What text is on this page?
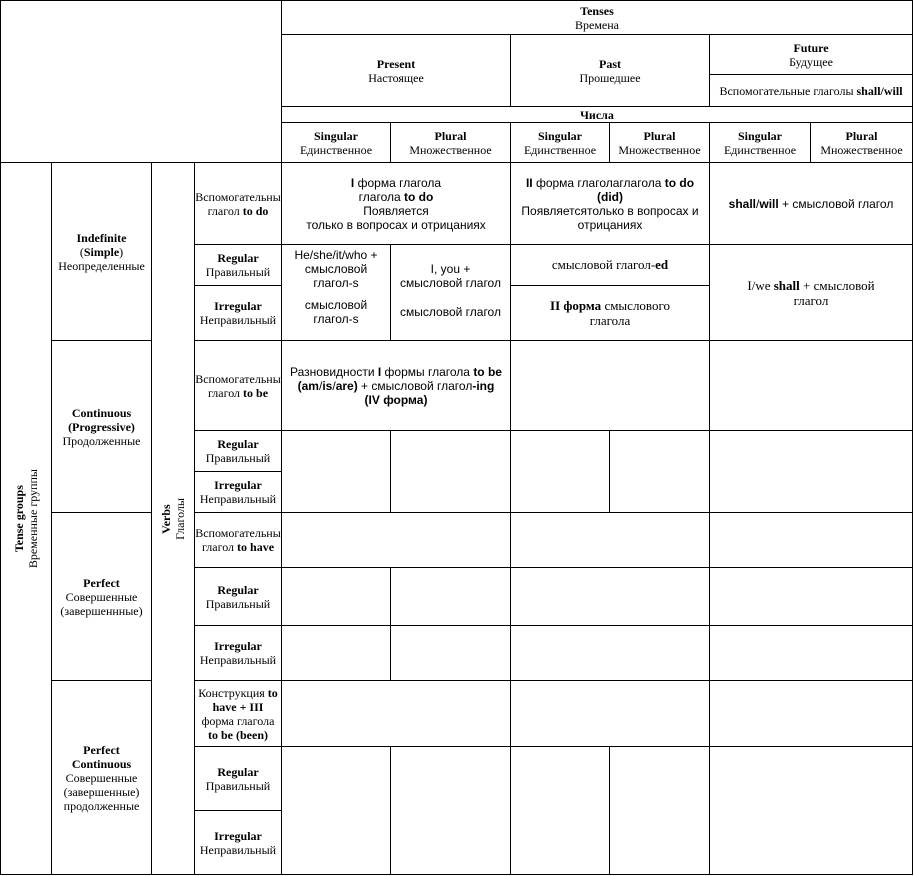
Tenses
Времена
Present
Настоящее
Past
Прошедшее
Future
Будущее
Вспомогательные глаголы shall/will
Числа
Singular
Единственное
Plural
Множественное
Singular
Единственное
Plural
Множественное
Singular
Единственное
Plural
Множественное
Tense groups Временные группы	Verbs Глаголы
Indefinite
(Simple)
Неопределенные
Continuous
(Progressive)
Продолженные
Perfect
Совершенные
(завершеннные)
Perfect Continuous
Совершенные
(завершенные)
продолженные
Вспомогательны
глагол to do
Regular
Правильный
Irregular
Неправильный
Вспомогательны
глагол to be
Regular
Правильный
Irregular
Неправильный
Вспомогательны
глагол to have
Regular
Правильный
Irregular
Неправильный
Конструкция to
have + III
форма глагола
to be (been)
Regular
Правильный
Irregular
Неправильный
I форма глагола
глагола to do
Появляется
только в вопросах и отрицаниях
II форма глаголаглагола to do
(did)
Появляетсятолько в вопросах и
отрицаниях
shall/will + смысловой глагол
He/she/it/who +
смысловой
глагол-s
смысловой
глагол-s
I, you +
смысловой глагол
смысловой глагол
смысловой глагол-ed
II форма смыслового
глагола
I/we shall + смысловой
глагол
Разновидности I формы глагола to be
(am/is/are) + смысловой глагол-ing
(IV форма)
